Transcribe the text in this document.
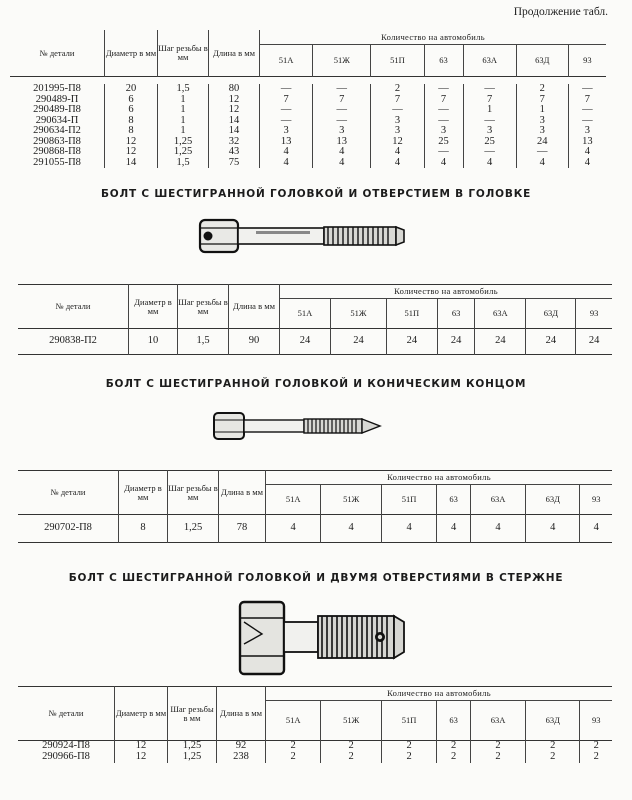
Продолжение табл.
№ детали	Диаметр в мм	Шаг резьбы в мм	Длина в мм	Количество на автомобиль						
				51А	51Ж	51П	63	63А	63Д	93

201995-П8	20	1,5	80	—	—	2	—	—	2	—
290489-П	6	1	12	7	7	7	7	7	7	7
290489-П8	6	1	12	—	—	—	—	1	1	—
290634-П	8	1	14	—	—	3	—	—	3	—
290634-П2	8	1	14	3	3	3	3	3	3	3
290863-П8	12	1,25	32	13	13	12	25	25	24	13
290868-П8	12	1,25	43	4	4	4	—	—	—	4
291055-П8	14	1,5	75	4	4	4	4	4	4	4
БОЛТ С ШЕСТИГРАННОЙ ГОЛОВКОЙ И ОТВЕРСТИЕМ В ГОЛОВКЕ
№ детали	Диаметр в мм	Шаг резьбы в мм	Длина в мм	Количество на автомобиль						
				51А	51Ж	51П	63	63А	63Д	93
290838-П2	10	1,5	90	24	24	24	24	24	24	24
БОЛТ С ШЕСТИГРАННОЙ ГОЛОВКОЙ И КОНИЧЕСКИМ КОНЦОМ
№ детали	Диаметр в мм	Шаг резьбы в мм	Длина в мм	Количество на автомобиль						
				51А	51Ж	51П	63	63А	63Д	93
290702-П8	8	1,25	78	4	4	4	4	4	4	4
БОЛТ С ШЕСТИГРАННОЙ ГОЛОВКОЙ И ДВУМЯ ОТВЕРСТИЯМИ В СТЕРЖНЕ
№ детали	Диаметр в мм	Шаг резьбы в мм	Длина в мм	Количество на автомобиль						
				51А	51Ж	51П	63	63А	63Д	93
290924-П8	12	1,25	92	2	2	2	2	2	2	2
290966-П8	12	1,25	238	2	2	2	2	2	2	2
